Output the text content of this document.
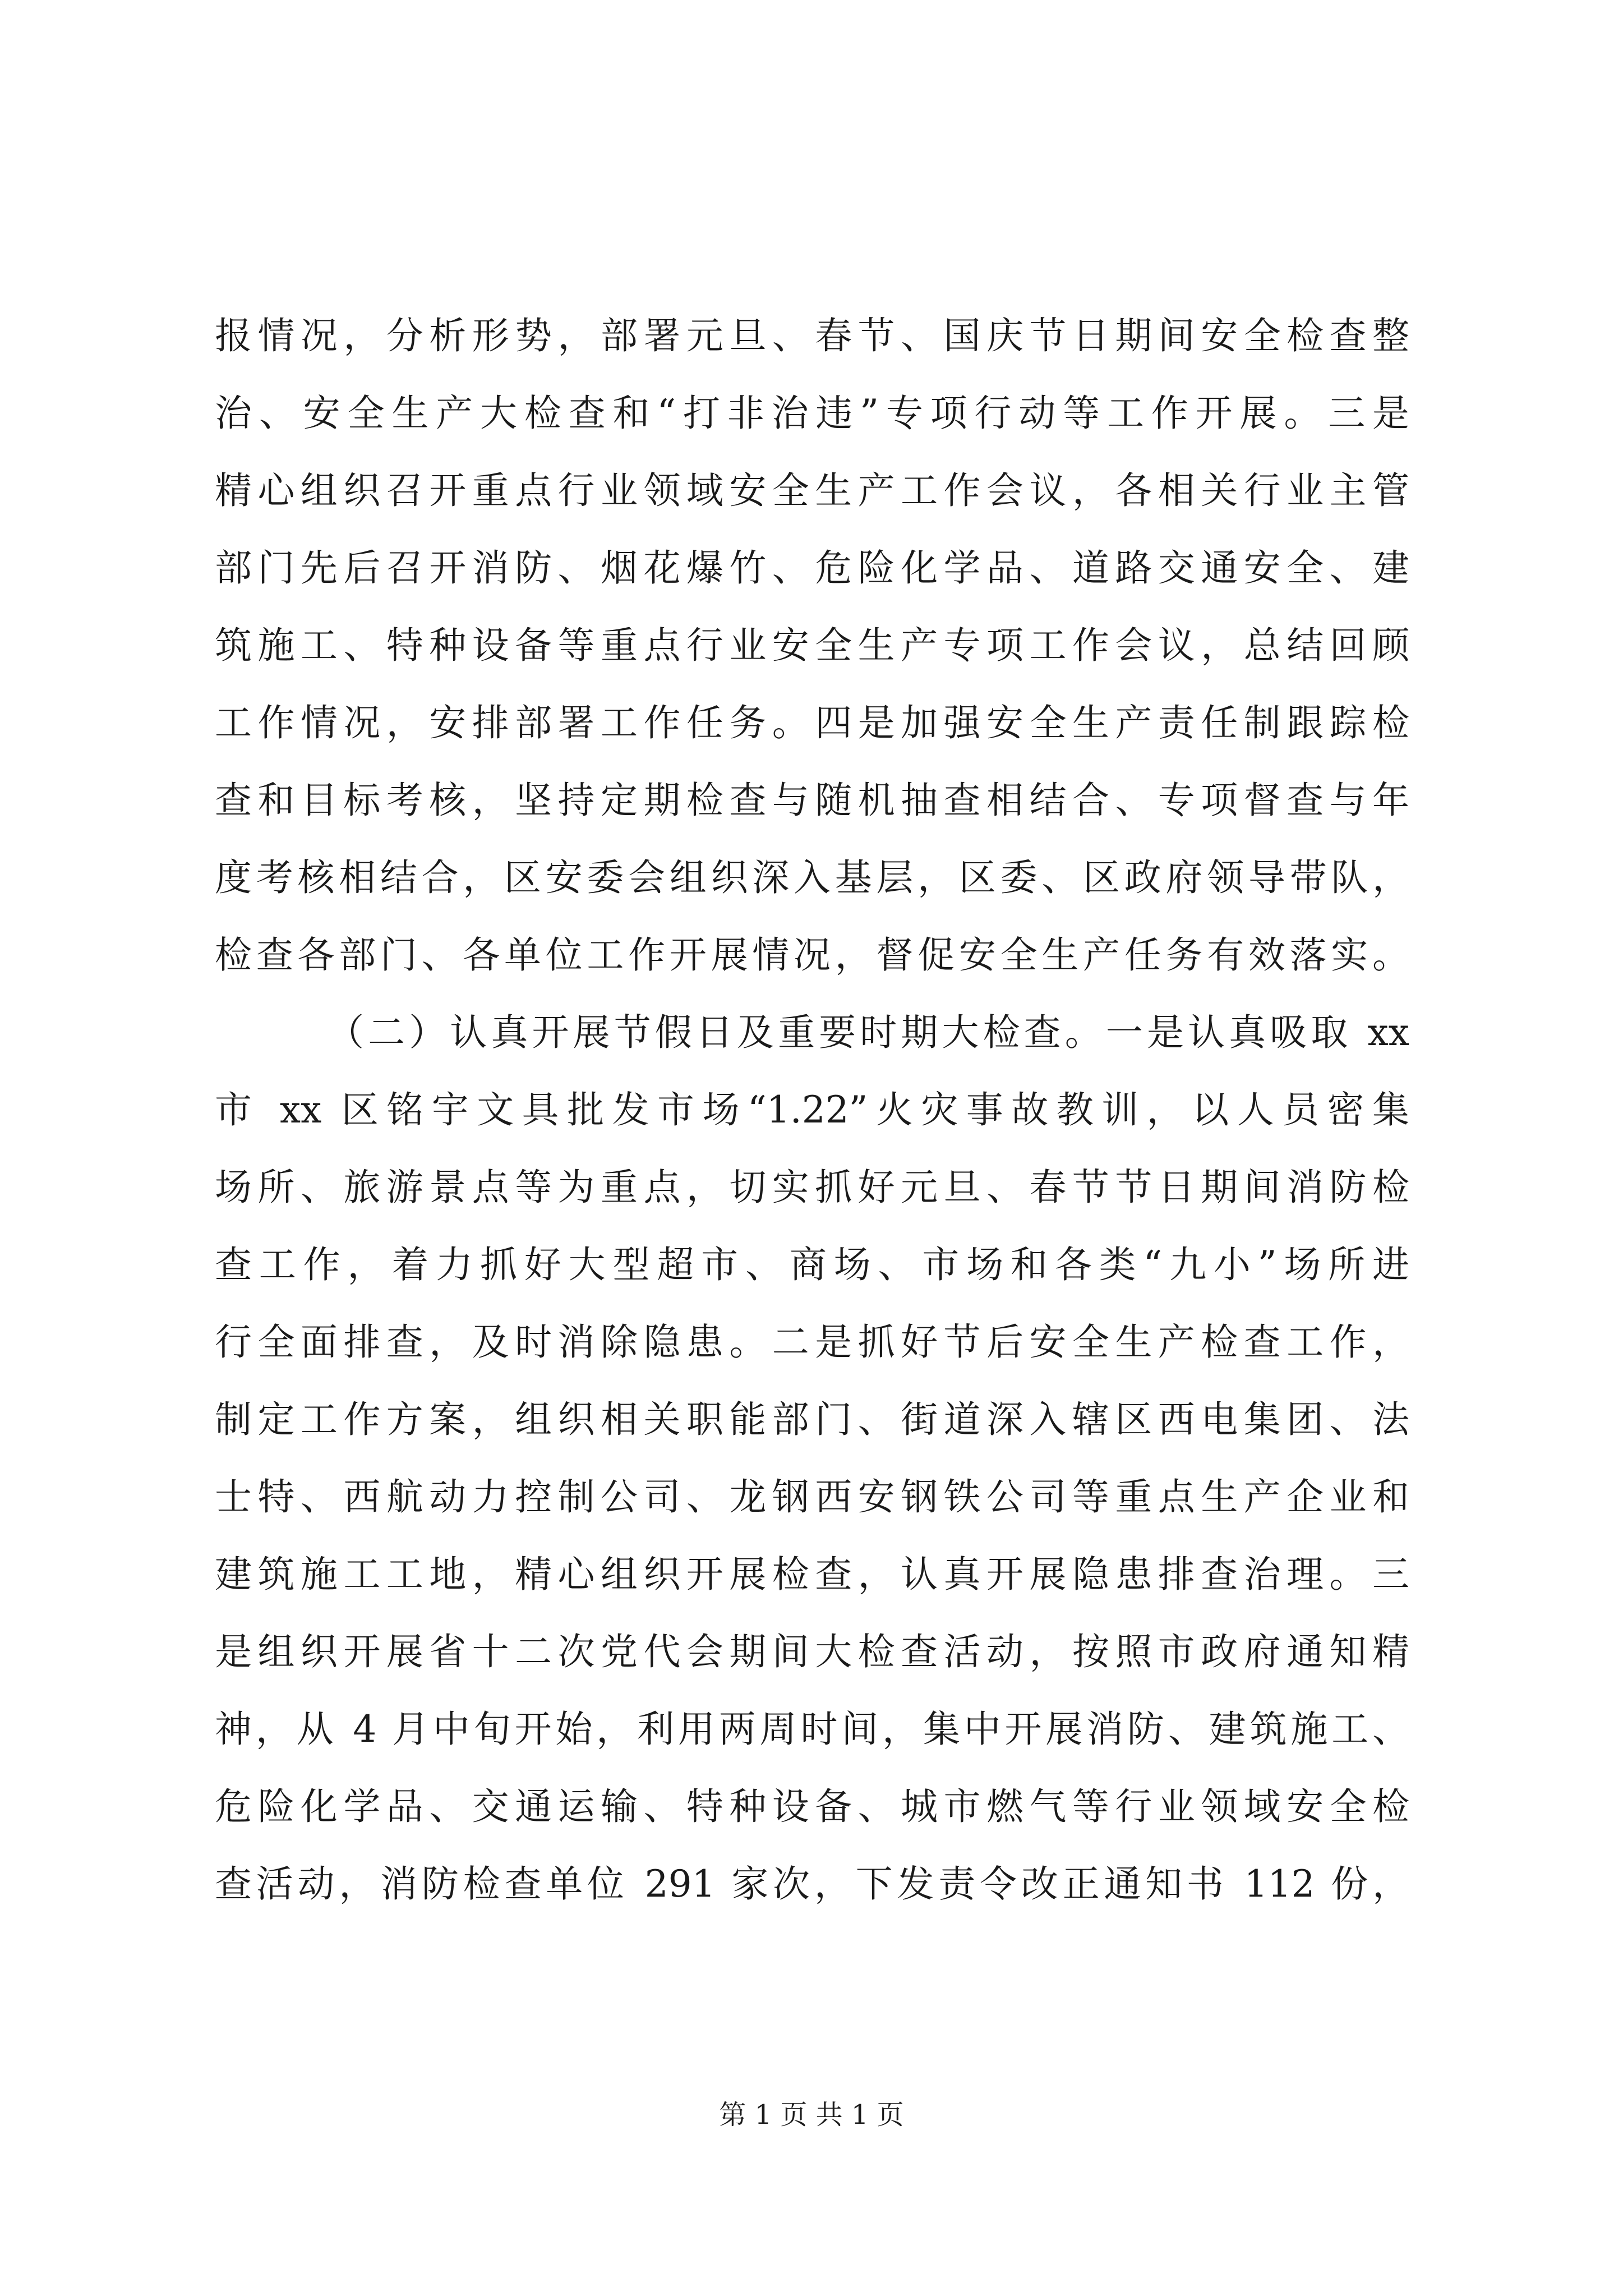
报情况，分析形势，部署元旦、春节、国庆节日期间安全检查整
治、安全生产大检查和“打非治违”专项行动等工作开展。三是
精心组织召开重点行业领域安全生产工作会议，各相关行业主管
部门先后召开消防、烟花爆竹、危险化学品、道路交通安全、建
筑施工、特种设备等重点行业安全生产专项工作会议，总结回顾
工作情况，安排部署工作任务。四是加强安全生产责任制跟踪检
查和目标考核，坚持定期检查与随机抽查相结合、专项督查与年
度考核相结合，区安委会组织深入基层，区委、区政府领导带队，
检查各部门、各单位工作开展情况，督促安全生产任务有效落实。
（二）认真开展节假日及重要时期大检查。一是认真吸取 xx
市 xx 区铭宇文具批发市场“1.22”火灾事故教训，以人员密集
场所、旅游景点等为重点，切实抓好元旦、春节节日期间消防检
查工作，着力抓好大型超市、商场、市场和各类“九小”场所进
行全面排查，及时消除隐患。二是抓好节后安全生产检查工作，
制定工作方案，组织相关职能部门、街道深入辖区西电集团、法
士特、西航动力控制公司、龙钢西安钢铁公司等重点生产企业和
建筑施工工地，精心组织开展检查，认真开展隐患排查治理。三
是组织开展省十二次党代会期间大检查活动，按照市政府通知精
神，从 4 月中旬开始，利用两周时间，集中开展消防、建筑施工、
危险化学品、交通运输、特种设备、城市燃气等行业领域安全检
查活动，消防检查单位 291 家次，下发责令改正通知书 112 份，
第 1 页 共 1 页
